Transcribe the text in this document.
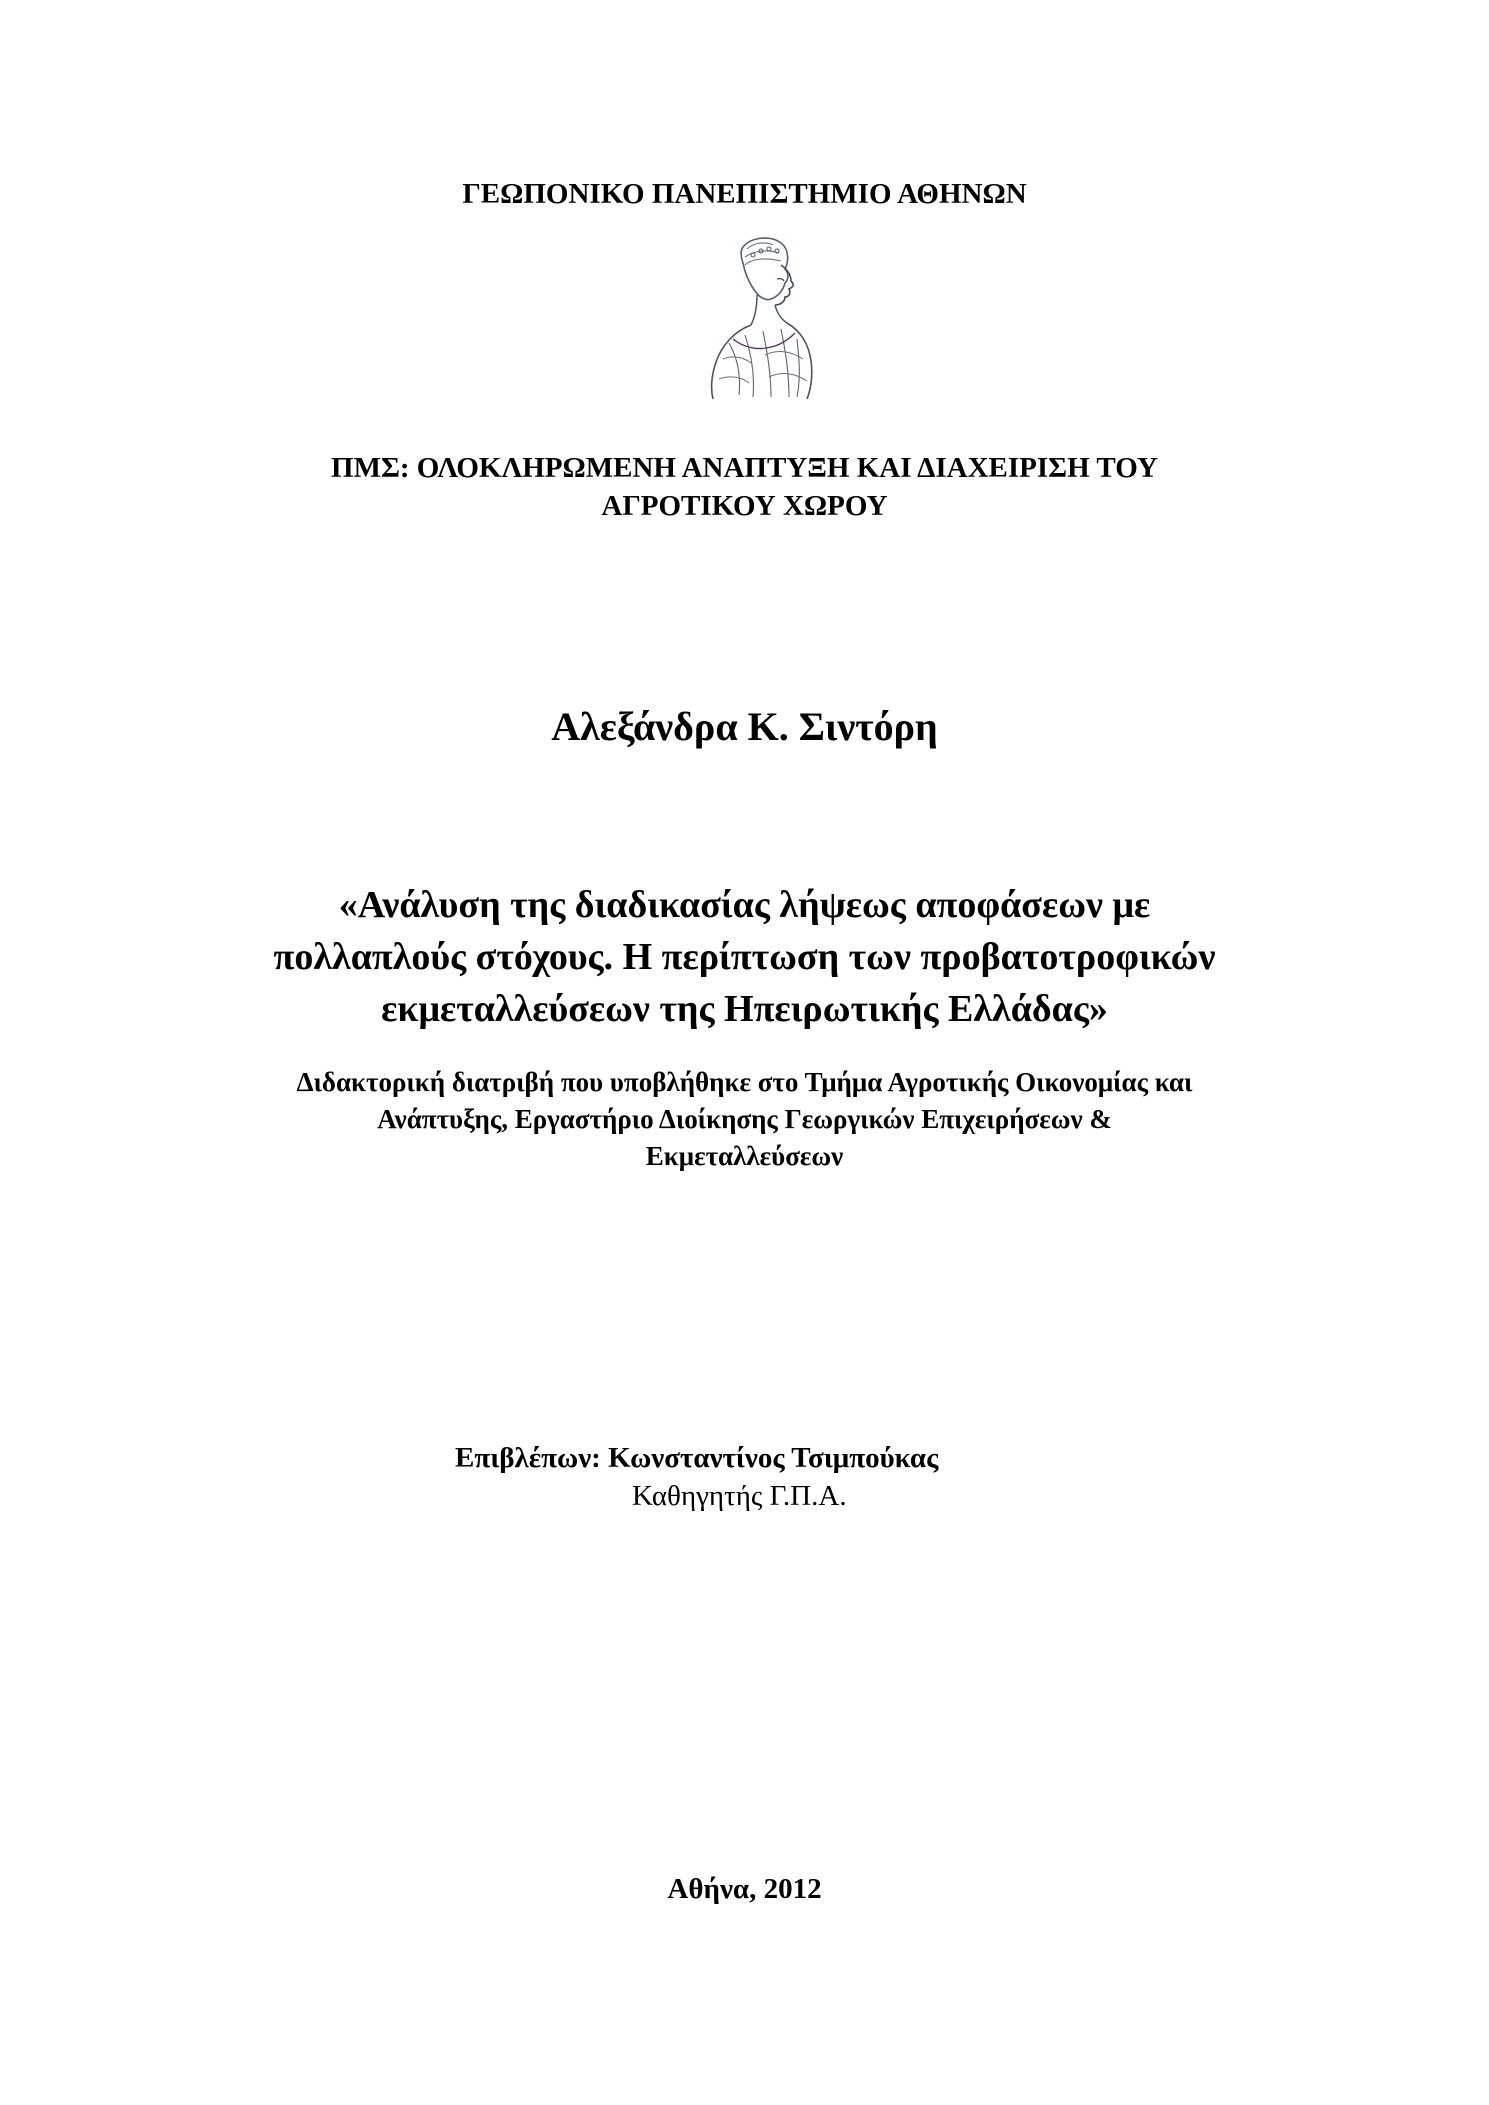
ΓΕΩΠΟΝΙΚΟ ΠΑΝΕΠΙΣΤΗΜΙΟ ΑΘΗΝΩΝ
ΠΜΣ: ΟΛΟΚΛΗΡΩΜΕΝΗ ΑΝΑΠΤΥΞΗ ΚΑΙ ΔΙΑΧΕΙΡΙΣΗ ΤΟΥ
ΑΓΡΟΤΙΚΟΥ ΧΩΡΟΥ
Αλεξάνδρα Κ. Σιντόρη
«Ανάλυση της διαδικασίας λήψεως αποφάσεων με
πολλαπλούς στόχους. Η περίπτωση των προβατοτροφικών
εκμεταλλεύσεων της Ηπειρωτικής Ελλάδας»
Διδακτορική διατριβή που υποβλήθηκε στο Τμήμα Αγροτικής Οικονομίας και
Ανάπτυξης, Εργαστήριο Διοίκησης Γεωργικών Επιχειρήσεων &
Εκμεταλλεύσεων
Επιβλέπων: Κωνσταντίνος Τσιμπούκας
Καθηγητής Γ.Π.Α.
Αθήνα, 2012
